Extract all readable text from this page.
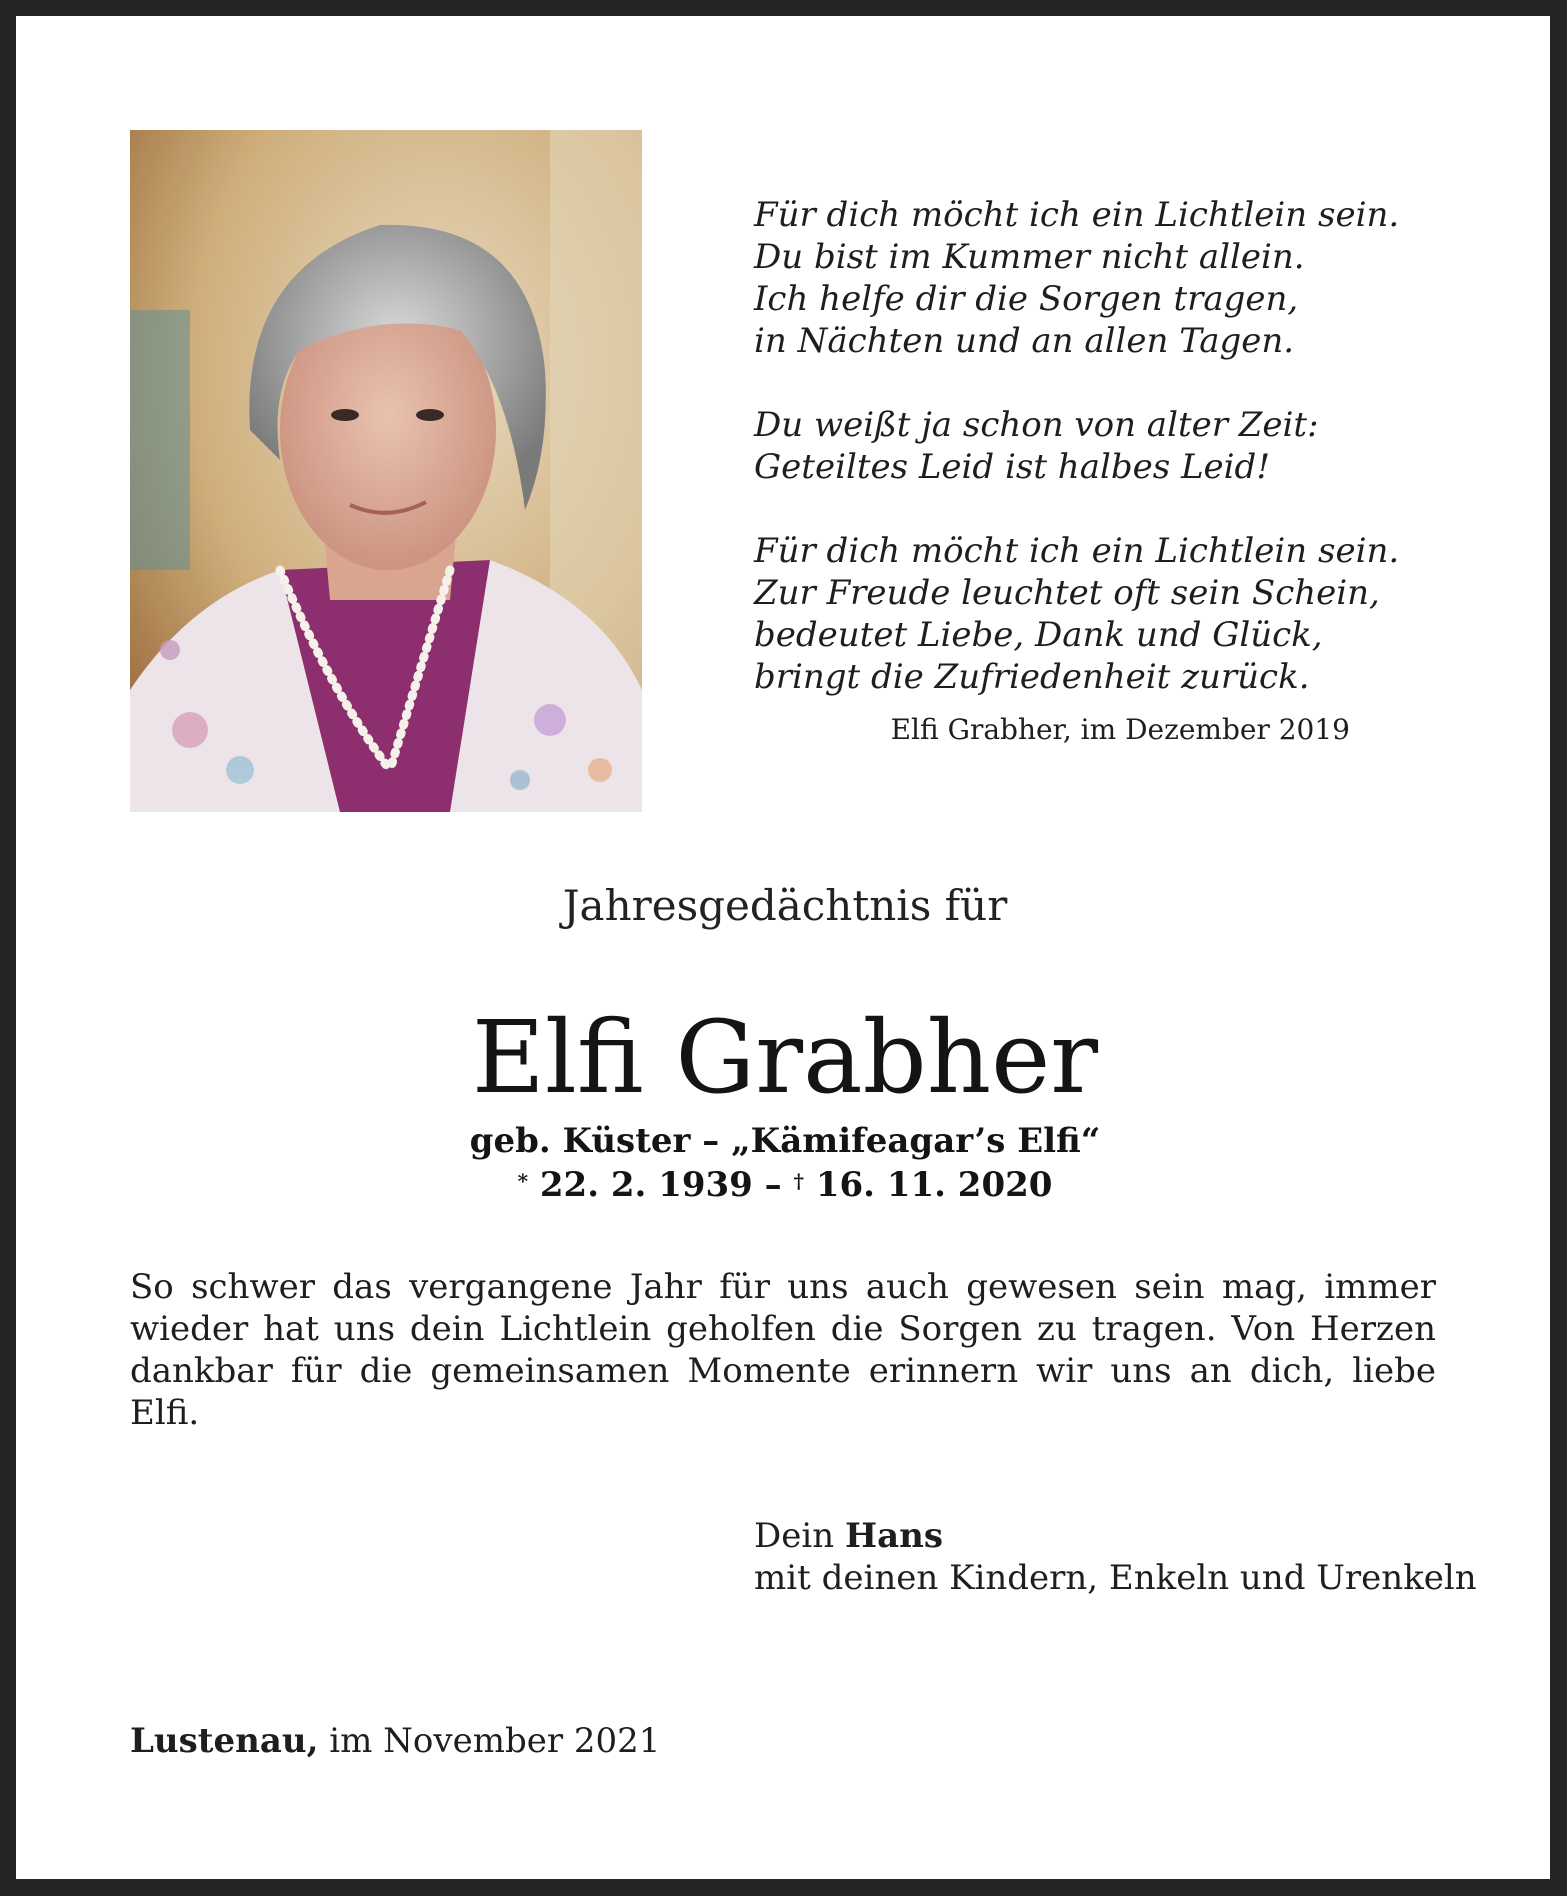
Für dich möcht ich ein Lichtlein sein.
Du bist im Kummer nicht allein.
Ich helfe dir die Sorgen tragen,
in Nächten und an allen Tagen.
Du weißt ja schon von alter Zeit:
Geteiltes Leid ist halbes Leid!
Für dich möcht ich ein Lichtlein sein.
Zur Freude leuchtet oft sein Schein,
bedeutet Liebe, Dank und Glück,
bringt die Zufriedenheit zurück.
Elfi Grabher, im Dezember 2019
Jahresgedächtnis für
Elfi Grabher
geb. Küster – „Kämifeagar’s Elfi“
* 22. 2. 1939 – † 16. 11. 2020
So schwer das vergangene Jahr für uns auch gewesen sein mag, immer wieder hat uns dein Lichtlein geholfen die Sorgen zu tragen. Von Herzen dankbar für die gemeinsamen Momente erinnern wir uns an dich, liebe Elfi.
Dein Hans
mit deinen Kindern, Enkeln und Urenkeln
Lustenau, im November 2021
